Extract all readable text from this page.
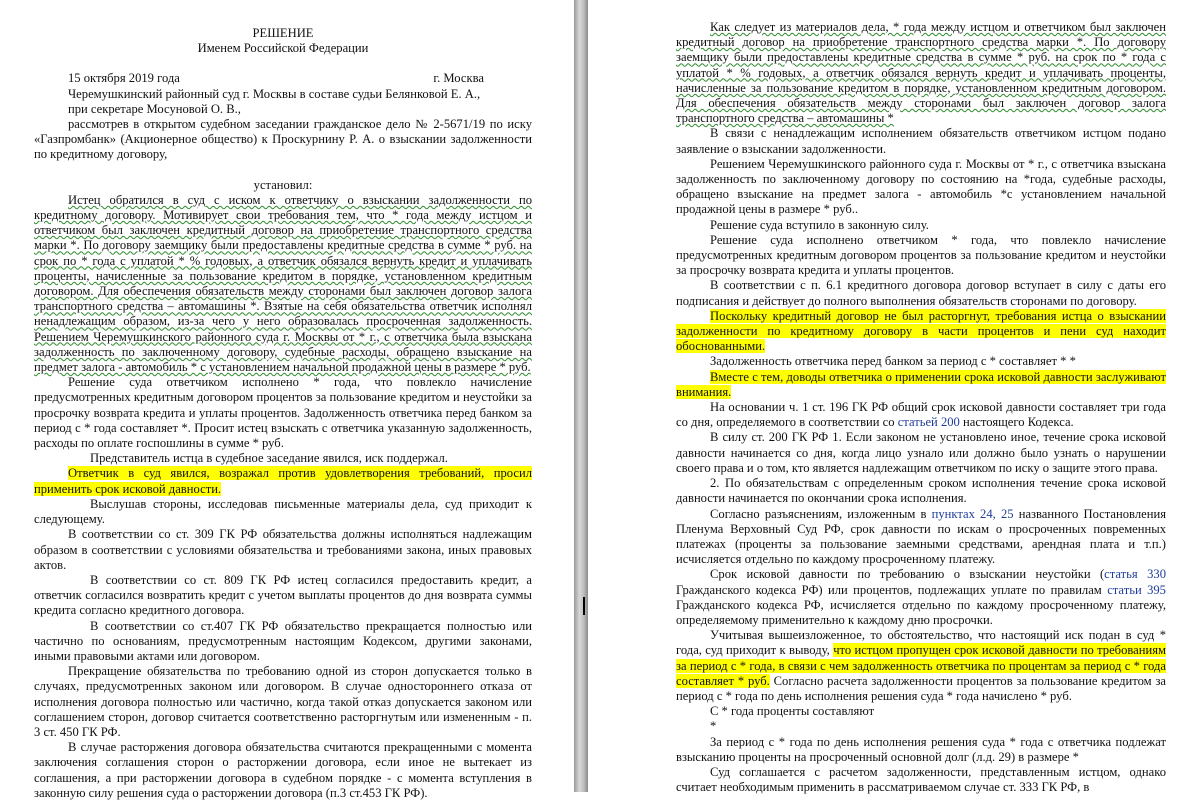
РЕШЕНИЕ

Именем Российской Федерации

15 октября 2019 года	г. Москва

Черемушкинский районный суд г. Москвы в составе судьи Белянковой Е. А.,

при секретаре Мосуновой О. В.,

рассмотрев в открытом судебном заседании гражданское дело № 2-5671/19 по иску «Газпромбанк» (Акционерное общество) к Проскурнину Р. А. о взыскании задолженности по кредитному договору,

установил:

Истец обратился в суд с иском к ответчику о взыскании задолженности по кредитному договору. Мотивирует свои требования тем, что * года между истцом и ответчиком был заключен кредитный договор на приобретение транспортного средства марки *. По договору заемщику были предоставлены кредитные средства в сумме * руб. на срок по * года с уплатой * % годовых, а ответчик обязался вернуть кредит и уплачивать проценты, начисленные за пользование кредитом в порядке, установленном кредитным договором. Для обеспечения обязательств между сторонами был заключен договор залога транспортного средства – автомашины *. Взятые на себя обязательства ответчик исполнял ненадлежащим образом, из-за чего у него образовалась просроченная задолженность. Решением Черемушкинского районного суда г. Москвы от * г., с ответчика была взыскана задолженность по заключенному договору, судебные расходы, обращено взыскание на предмет залога - автомобиль * с установлением начальной продажной цены в размере * руб.

Решение суда ответчиком исполнено * года, что повлекло начисление предусмотренных кредитным договором процентов за пользование кредитом и неустойки за просрочку возврата кредита и уплаты процентов. Задолженность ответчика перед банком за период с * года составляет *. Просит истец взыскать с ответчика указанную задолженность, расходы по оплате госпошлины в сумме * руб.

Представитель истца в судебное заседание явился, иск поддержал.

Ответчик в суд явился, возражал против удовлетворения требований, просил применить срок исковой давности.

Выслушав стороны, исследовав письменные материалы дела, суд приходит к следующему.

В соответствии со ст. 309 ГК РФ обязательства должны исполняться надлежащим образом в соответствии с условиями обязательства и требованиями закона, иных правовых актов.

В соответствии со ст. 809 ГК РФ истец согласился предоставить кредит, а ответчик согласился возвратить кредит с учетом выплаты процентов до дня возврата суммы кредита согласно кредитного договора.

В соответствии со ст.407 ГК РФ обязательство прекращается полностью или частично по основаниям, предусмотренным настоящим Кодексом, другими законами, иными правовыми актами или договором.

Прекращение обязательства по требованию одной из сторон допускается только в случаях, предусмотренных законом или договором. В случае одностороннего отказа от исполнения договора полностью или частично, когда такой отказ допускается законом или соглашением сторон, договор считается соответственно расторгнутым или измененным - п. 3 ст. 450 ГК РФ.

В случае расторжения договора обязательства считаются прекращенными с момента заключения соглашения сторон о расторжении договора, если иное не вытекает из соглашения, а при расторжении договора в судебном порядке - с момента вступления в законную силу решения суда о расторжении договора (п.3 ст.453 ГК РФ).

Как следует из материалов дела, * года между истцом и ответчиком был заключен кредитный договор на приобретение транспортного средства марки *. По договору заемщику были предоставлены кредитные средства в сумме * руб. на срок по * года с уплатой * % годовых, а ответчик обязался вернуть кредит и уплачивать проценты, начисленные за пользование кредитом в порядке, установленном кредитным договором. Для обеспечения обязательств между сторонами был заключен договор залога транспортного средства – автомашины *

В связи с ненадлежащим исполнением обязательств ответчиком истцом подано заявление о взыскании задолженности.

Решением Черемушкинского районного суда г. Москвы от * г., с ответчика взыскана задолженность по заключенному договору по состоянию на *года, судебные расходы, обращено взыскание на предмет залога - автомобиль *с установлением начальной продажной цены в размере * руб..

Решение суда вступило в законную силу.

Решение суда исполнено ответчиком * года, что повлекло начисление предусмотренных кредитным договором процентов за пользование кредитом и неустойки за просрочку возврата кредита и уплаты процентов.

В соответствии с п. 6.1 кредитного договора договор вступает в силу с даты его подписания и действует до полного выполнения обязательств сторонами по договору.

Поскольку кредитный договор не был расторгнут, требования истца о взыскании задолженности по кредитному договору в части процентов и пени суд находит обоснованными.

Задолженность ответчика перед банком за период с * составляет * *

Вместе с тем, доводы ответчика о применении срока исковой давности заслуживают внимания.

На основании ч. 1 ст. 196 ГК РФ общий срок исковой давности составляет три года со дня, определяемого в соответствии со статьей 200 настоящего Кодекса.

В силу ст. 200 ГК РФ 1. Если законом не установлено иное, течение срока исковой давности начинается со дня, когда лицо узнало или должно было узнать о нарушении своего права и о том, кто является надлежащим ответчиком по иску о защите этого права.

2. По обязательствам с определенным сроком исполнения течение срока исковой давности начинается по окончании срока исполнения.

Согласно разъяснениям, изложенным в пунктах 24, 25 названного Постановления Пленума Верховный Суд РФ, срок давности по искам о просроченных повременных платежах (проценты за пользование заемными средствами, арендная плата и т.п.) исчисляется отдельно по каждому просроченному платежу.

Срок исковой давности по требованию о взыскании неустойки (статья 330 Гражданского кодекса РФ) или процентов, подлежащих уплате по правилам статьи 395 Гражданского кодекса РФ, исчисляется отдельно по каждому просроченному платежу, определяемому применительно к каждому дню просрочки.

Учитывая вышеизложенное, то обстоятельство, что настоящий иск подан в суд * года, суд приходит к выводу, что истцом пропущен срок исковой давности по требованиям за период с * года, в связи с чем задолженность ответчика по процентам за период с * года составляет * руб. Согласно расчета задолженности процентов за пользование кредитом за период с * года по день исполнения решения суда * года начислено * руб.

С * года проценты составляют

*

За период с * года по день исполнения решения суда * года с ответчика подлежат взысканию проценты на просроченный основной долг (л.д. 29) в размере *

Суд соглашается с расчетом задолженности, представленным истцом, однако считает необходимым применить в рассматриваемом случае ст. 333 ГК РФ, в
